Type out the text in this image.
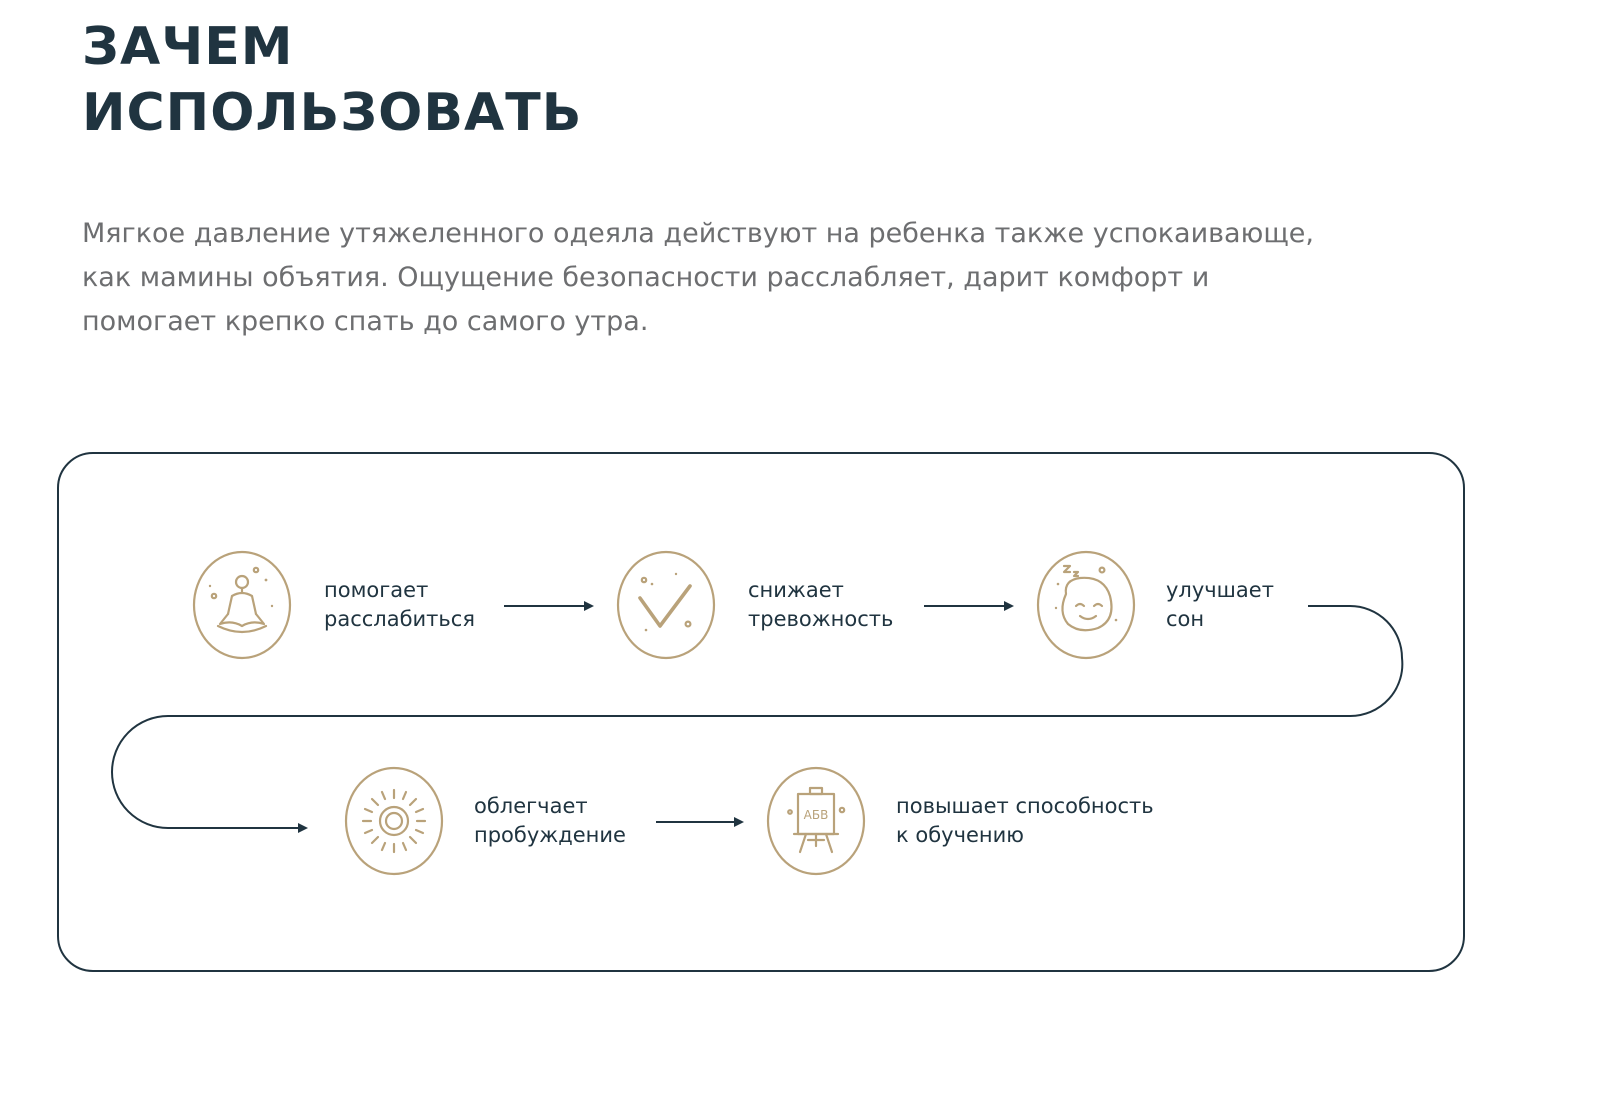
ЗАЧЕМ
ИСПОЛЬЗОВАТЬ

Мягкое давление утяжеленного одеяла действуют на ребенка также успокаивающе,
как мамины объятия. Ощущение безопасности расслабляет, дарит комфорт и
помогает крепко спать до самого утра.

помогает
расслабиться
снижает
тревожность
улучшает
сон
облегчает
пробуждение
АБВ	повышает способность
к обучению
